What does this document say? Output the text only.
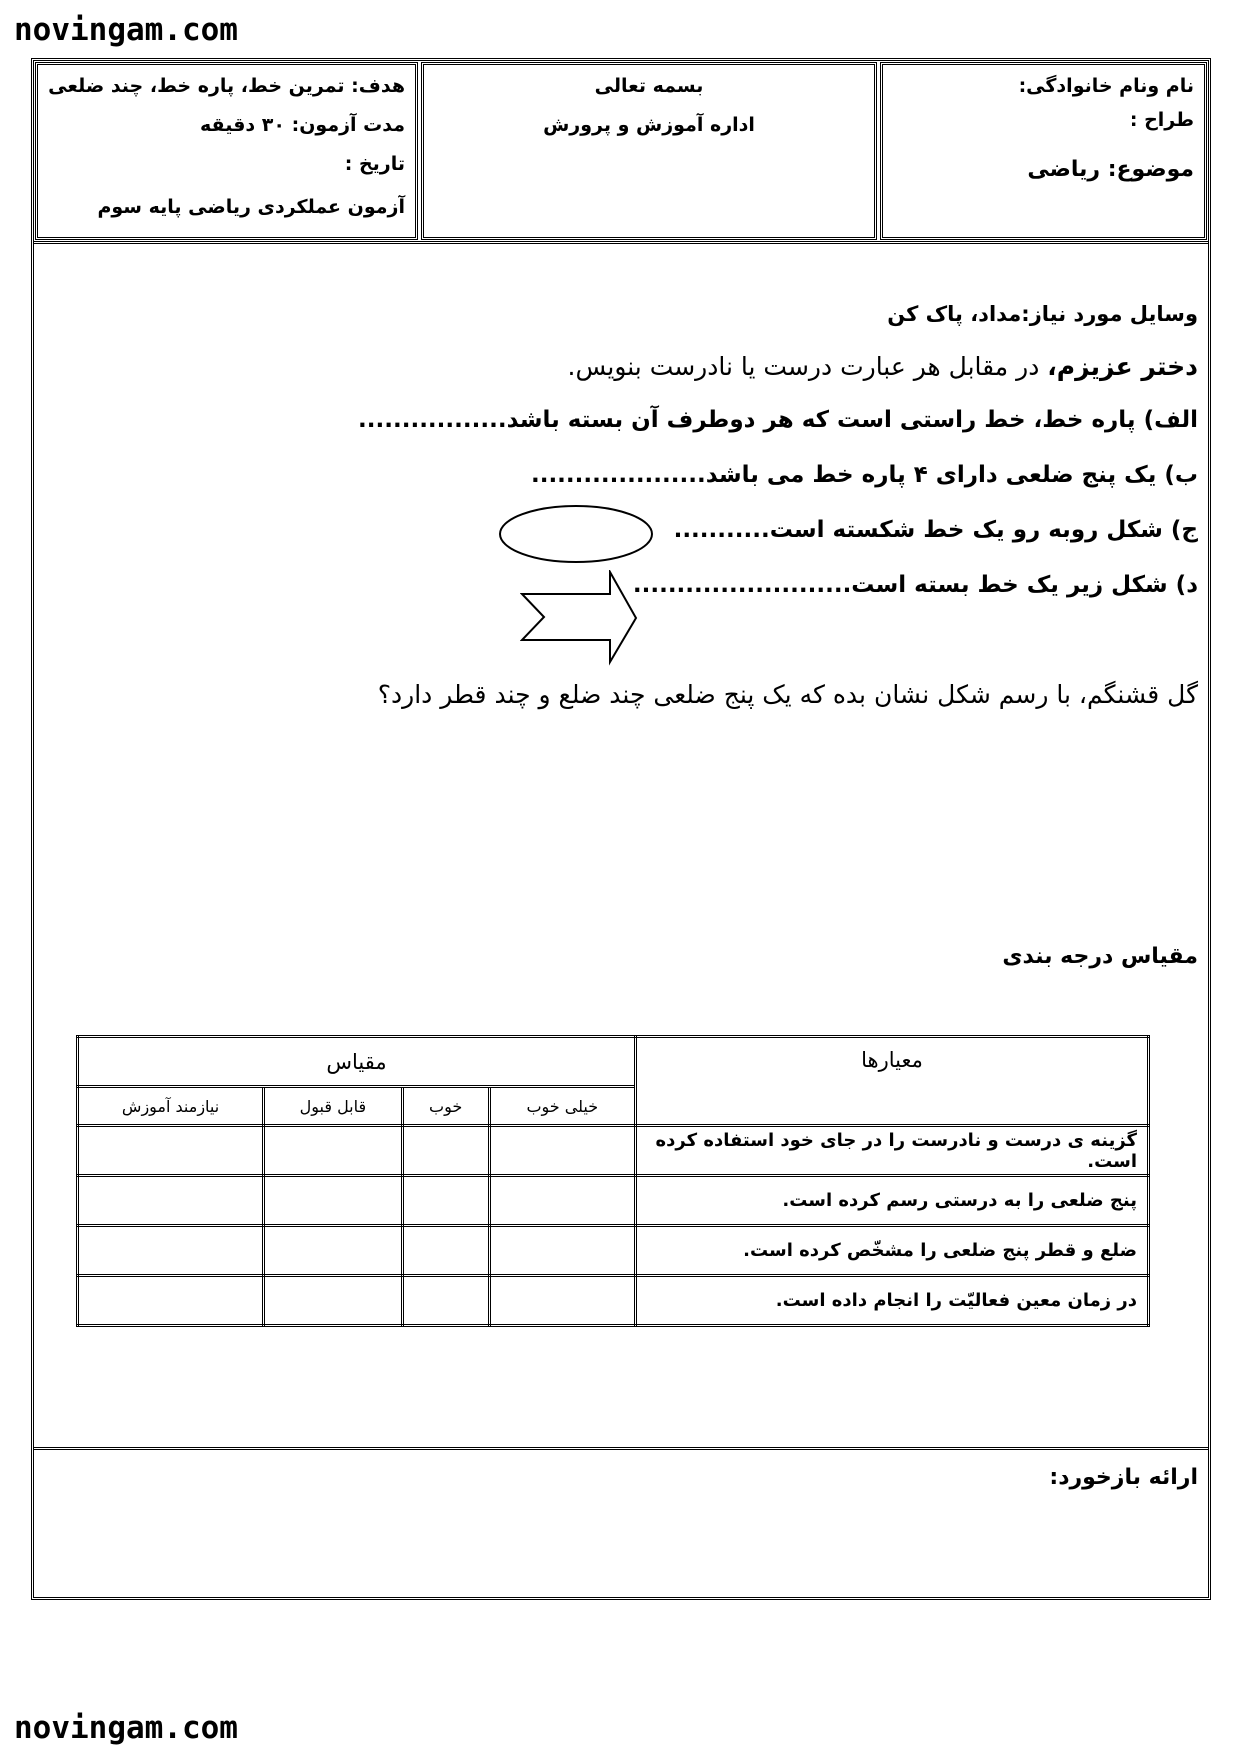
novingam.com
novingam.com
نام ونام خانوادگی:
طراح :
موضوع: ریاضی
بسمه تعالی
اداره آموزش و پرورش
هدف: تمرین خط، پاره خط، چند ضلعی
مدت آزمون: ۳۰ دقیقه
تاریخ :
آزمون عملکردی ریاضی پایه سوم
وسایل مورد نیاز:مداد، پاک کن
دختر عزیزم، در مقابل هر عبارت درست یا نادرست بنویس.
الف) پاره خط، خط راستی است که هر دوطرف آن بسته باشد.................
ب) یک پنج ضلعی دارای ۴ پاره خط می باشد....................
ج) شکل روبه رو یک خط شکسته است...........
د) شکل زیر یک خط بسته است.........................
گل قشنگم، با رسم شکل نشان بده که یک پنج ضلعی چند ضلع و چند قطر دارد؟
مقیاس درجه بندی
معیارها	مقیاس			
	خیلی خوب	خوب	قابل قبول	نیازمند آموزش
گزینه ی درست و نادرست را در جای خود استفاده کرده است.				
پنج ضلعی را به درستی رسم کرده است.				
ضلع و قطر پنج ضلعی را مشخّص کرده است.				
در زمان معین فعالیّت را انجام داده است.				
ارائه بازخورد:
